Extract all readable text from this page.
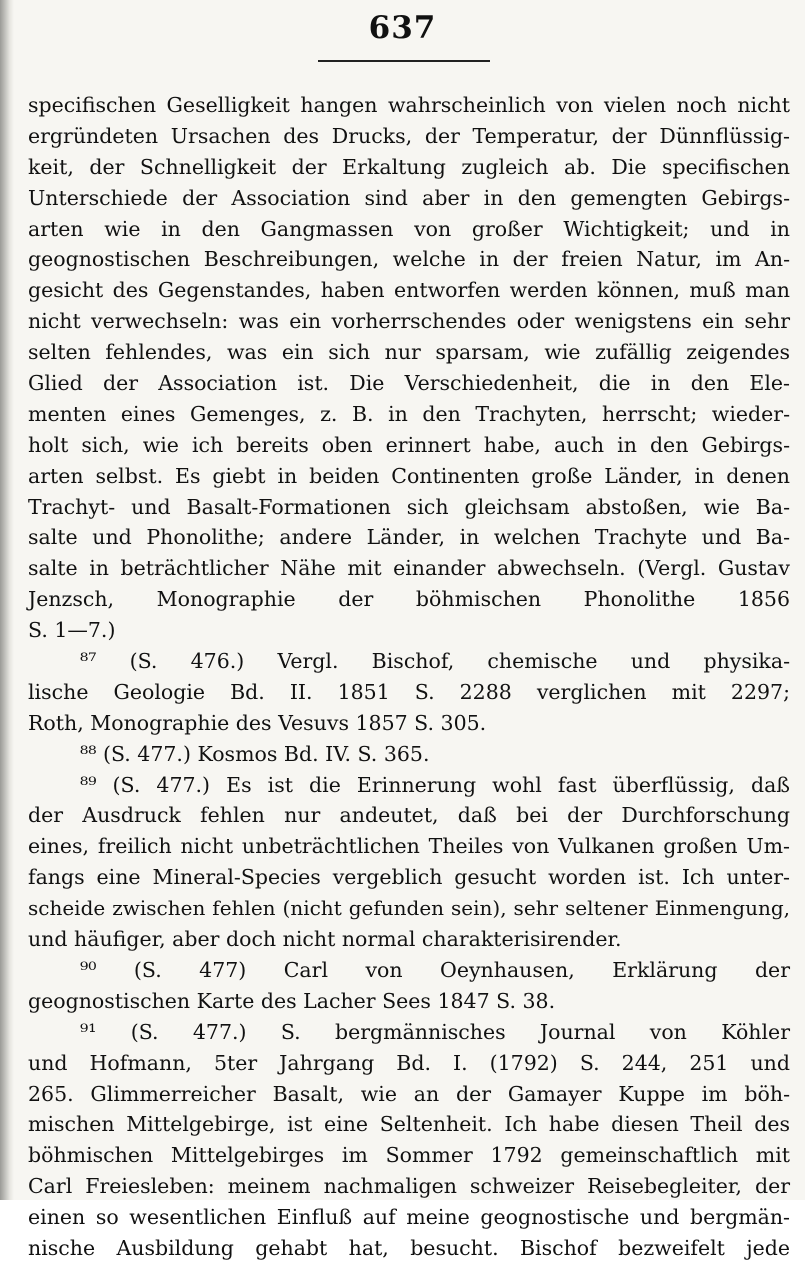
637
specifischen Geselligkeit hangen wahrscheinlich von vielen noch nicht
ergründeten Ursachen des Drucks, der Temperatur, der Dünnflüssig-
keit, der Schnelligkeit der Erkaltung zugleich ab. Die specifischen
Unterschiede der Association sind aber in den gemengten Gebirgs-
arten wie in den Gangmassen von großer Wichtigkeit; und in
geognostischen Beschreibungen, welche in der freien Natur, im An-
gesicht des Gegenstandes, haben entworfen werden können, muß man
nicht verwechseln: was ein vorherrschendes oder wenigstens ein sehr
selten fehlendes, was ein sich nur sparsam, wie zufällig zeigendes
Glied der Association ist. Die Verschiedenheit, die in den Ele-
menten eines Gemenges, z. B. in den Trachyten, herrscht; wieder-
holt sich, wie ich bereits oben erinnert habe, auch in den Gebirgs-
arten selbst. Es giebt in beiden Continenten große Länder, in denen
Trachyt- und Basalt-Formationen sich gleichsam abstoßen, wie Ba-
salte und Phonolithe; andere Länder, in welchen Trachyte und Ba-
salte in beträchtlicher Nähe mit einander abwechseln. (Vergl. Gustav
Jenzsch, Monographie der böhmischen Phonolithe 1856
S. 1—7.)
⁸⁷ (S. 476.) Vergl. Bischof, chemische und physika-
lische Geologie Bd. II. 1851 S. 2288 verglichen mit 2297;
Roth, Monographie des Vesuvs 1857 S. 305.
⁸⁸ (S. 477.) Kosmos Bd. IV. S. 365.
⁸⁹ (S. 477.) Es ist die Erinnerung wohl fast überflüssig, daß
der Ausdruck fehlen nur andeutet, daß bei der Durchforschung
eines, freilich nicht unbeträchtlichen Theiles von Vulkanen großen Um-
fangs eine Mineral-Species vergeblich gesucht worden ist. Ich unter-
scheide zwischen fehlen (nicht gefunden sein), sehr seltener Einmengung,
und häufiger, aber doch nicht normal charakterisirender.
⁹⁰ (S. 477) Carl von Oeynhausen, Erklärung der
geognostischen Karte des Lacher Sees 1847 S. 38.
⁹¹ (S. 477.) S. bergmännisches Journal von Köhler
und Hofmann, 5ter Jahrgang Bd. I. (1792) S. 244, 251 und
265. Glimmerreicher Basalt, wie an der Gamayer Kuppe im böh-
mischen Mittelgebirge, ist eine Seltenheit. Ich habe diesen Theil des
böhmischen Mittelgebirges im Sommer 1792 gemeinschaftlich mit
Carl Freiesleben: meinem nachmaligen schweizer Reisebegleiter, der
einen so wesentlichen Einfluß auf meine geognostische und bergmän-
nische Ausbildung gehabt hat, besucht. Bischof bezweifelt jede
